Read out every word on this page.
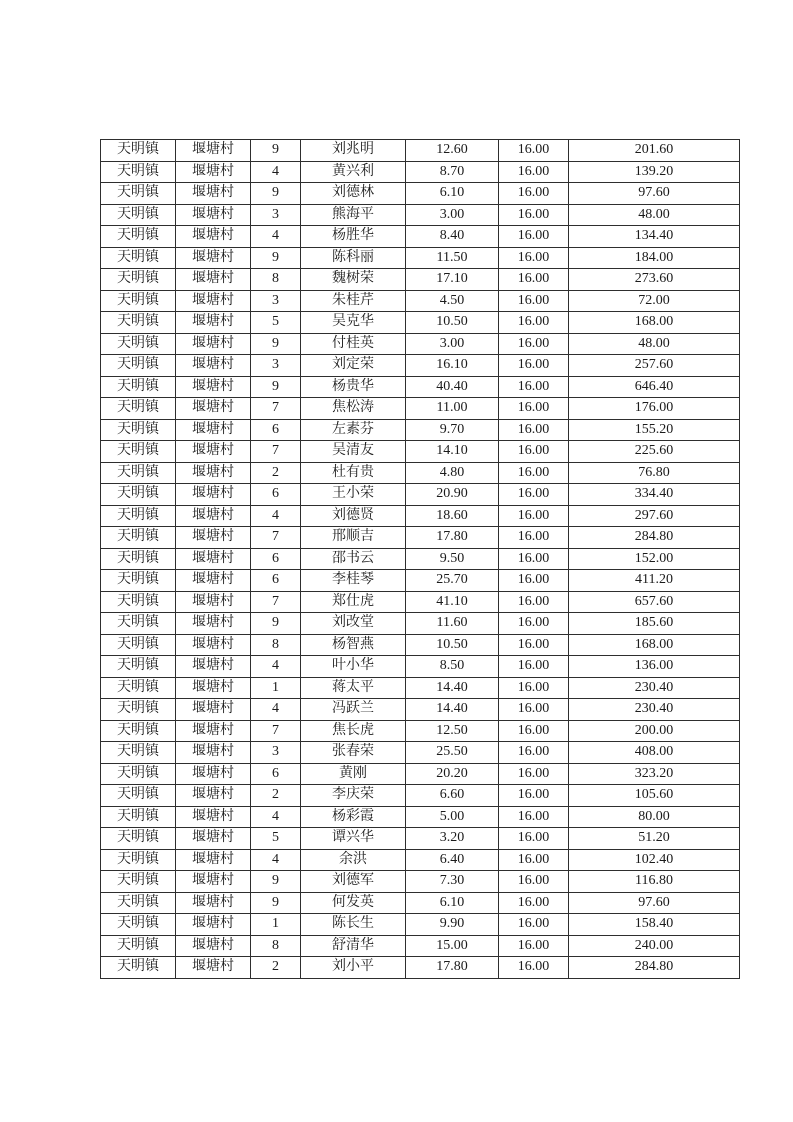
天明镇	堰塘村	9	刘兆明	12.60	16.00	201.60
天明镇	堰塘村	4	黄兴利	8.70	16.00	139.20
天明镇	堰塘村	9	刘德林	6.10	16.00	97.60
天明镇	堰塘村	3	熊海平	3.00	16.00	48.00
天明镇	堰塘村	4	杨胜华	8.40	16.00	134.40
天明镇	堰塘村	9	陈科丽	11.50	16.00	184.00
天明镇	堰塘村	8	魏树荣	17.10	16.00	273.60
天明镇	堰塘村	3	朱桂芹	4.50	16.00	72.00
天明镇	堰塘村	5	吴克华	10.50	16.00	168.00
天明镇	堰塘村	9	付桂英	3.00	16.00	48.00
天明镇	堰塘村	3	刘定荣	16.10	16.00	257.60
天明镇	堰塘村	9	杨贵华	40.40	16.00	646.40
天明镇	堰塘村	7	焦松涛	11.00	16.00	176.00
天明镇	堰塘村	6	左素芬	9.70	16.00	155.20
天明镇	堰塘村	7	吴清友	14.10	16.00	225.60
天明镇	堰塘村	2	杜有贵	4.80	16.00	76.80
天明镇	堰塘村	6	王小荣	20.90	16.00	334.40
天明镇	堰塘村	4	刘德贤	18.60	16.00	297.60
天明镇	堰塘村	7	邢顺吉	17.80	16.00	284.80
天明镇	堰塘村	6	邵书云	9.50	16.00	152.00
天明镇	堰塘村	6	李桂琴	25.70	16.00	411.20
天明镇	堰塘村	7	郑仕虎	41.10	16.00	657.60
天明镇	堰塘村	9	刘改堂	11.60	16.00	185.60
天明镇	堰塘村	8	杨智燕	10.50	16.00	168.00
天明镇	堰塘村	4	叶小华	8.50	16.00	136.00
天明镇	堰塘村	1	蒋太平	14.40	16.00	230.40
天明镇	堰塘村	4	冯跃兰	14.40	16.00	230.40
天明镇	堰塘村	7	焦长虎	12.50	16.00	200.00
天明镇	堰塘村	3	张春荣	25.50	16.00	408.00
天明镇	堰塘村	6	黄刚	20.20	16.00	323.20
天明镇	堰塘村	2	李庆荣	6.60	16.00	105.60
天明镇	堰塘村	4	杨彩霞	5.00	16.00	80.00
天明镇	堰塘村	5	谭兴华	3.20	16.00	51.20
天明镇	堰塘村	4	余洪	6.40	16.00	102.40
天明镇	堰塘村	9	刘德军	7.30	16.00	116.80
天明镇	堰塘村	9	何发英	6.10	16.00	97.60
天明镇	堰塘村	1	陈长生	9.90	16.00	158.40
天明镇	堰塘村	8	舒清华	15.00	16.00	240.00
天明镇	堰塘村	2	刘小平	17.80	16.00	284.80
